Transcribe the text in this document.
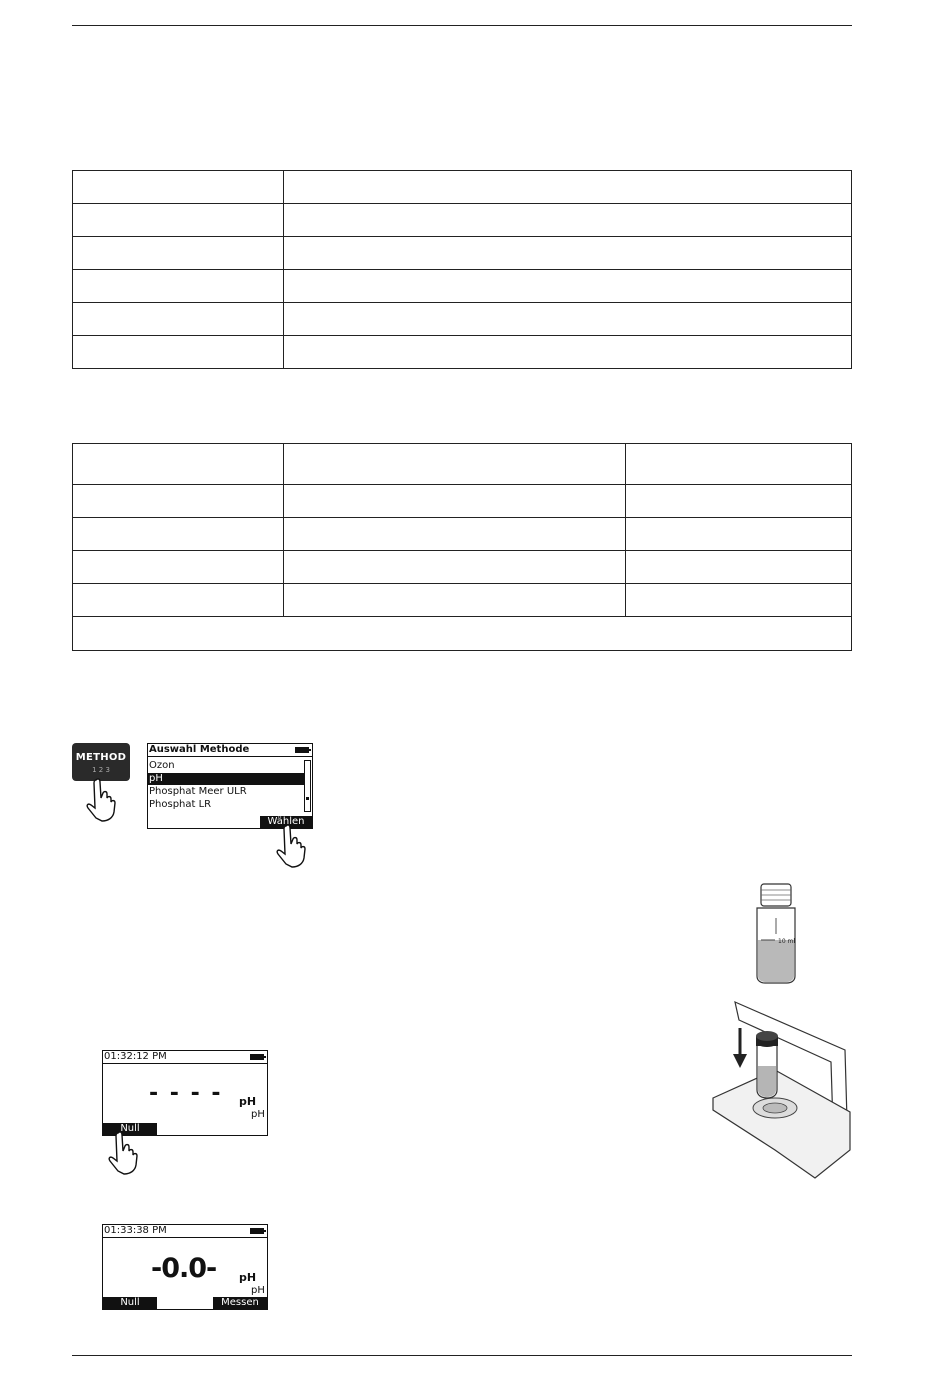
METHOD
1 2 3
Auswahl Methode
Ozon
pH
Phosphat Meer ULR
Phosphat LR
Wählen
10 ml
01:32:12 PM
- - - - pH
pH
Null
01:33:38 PM
-0.0- pH
pH
Null	Messen
